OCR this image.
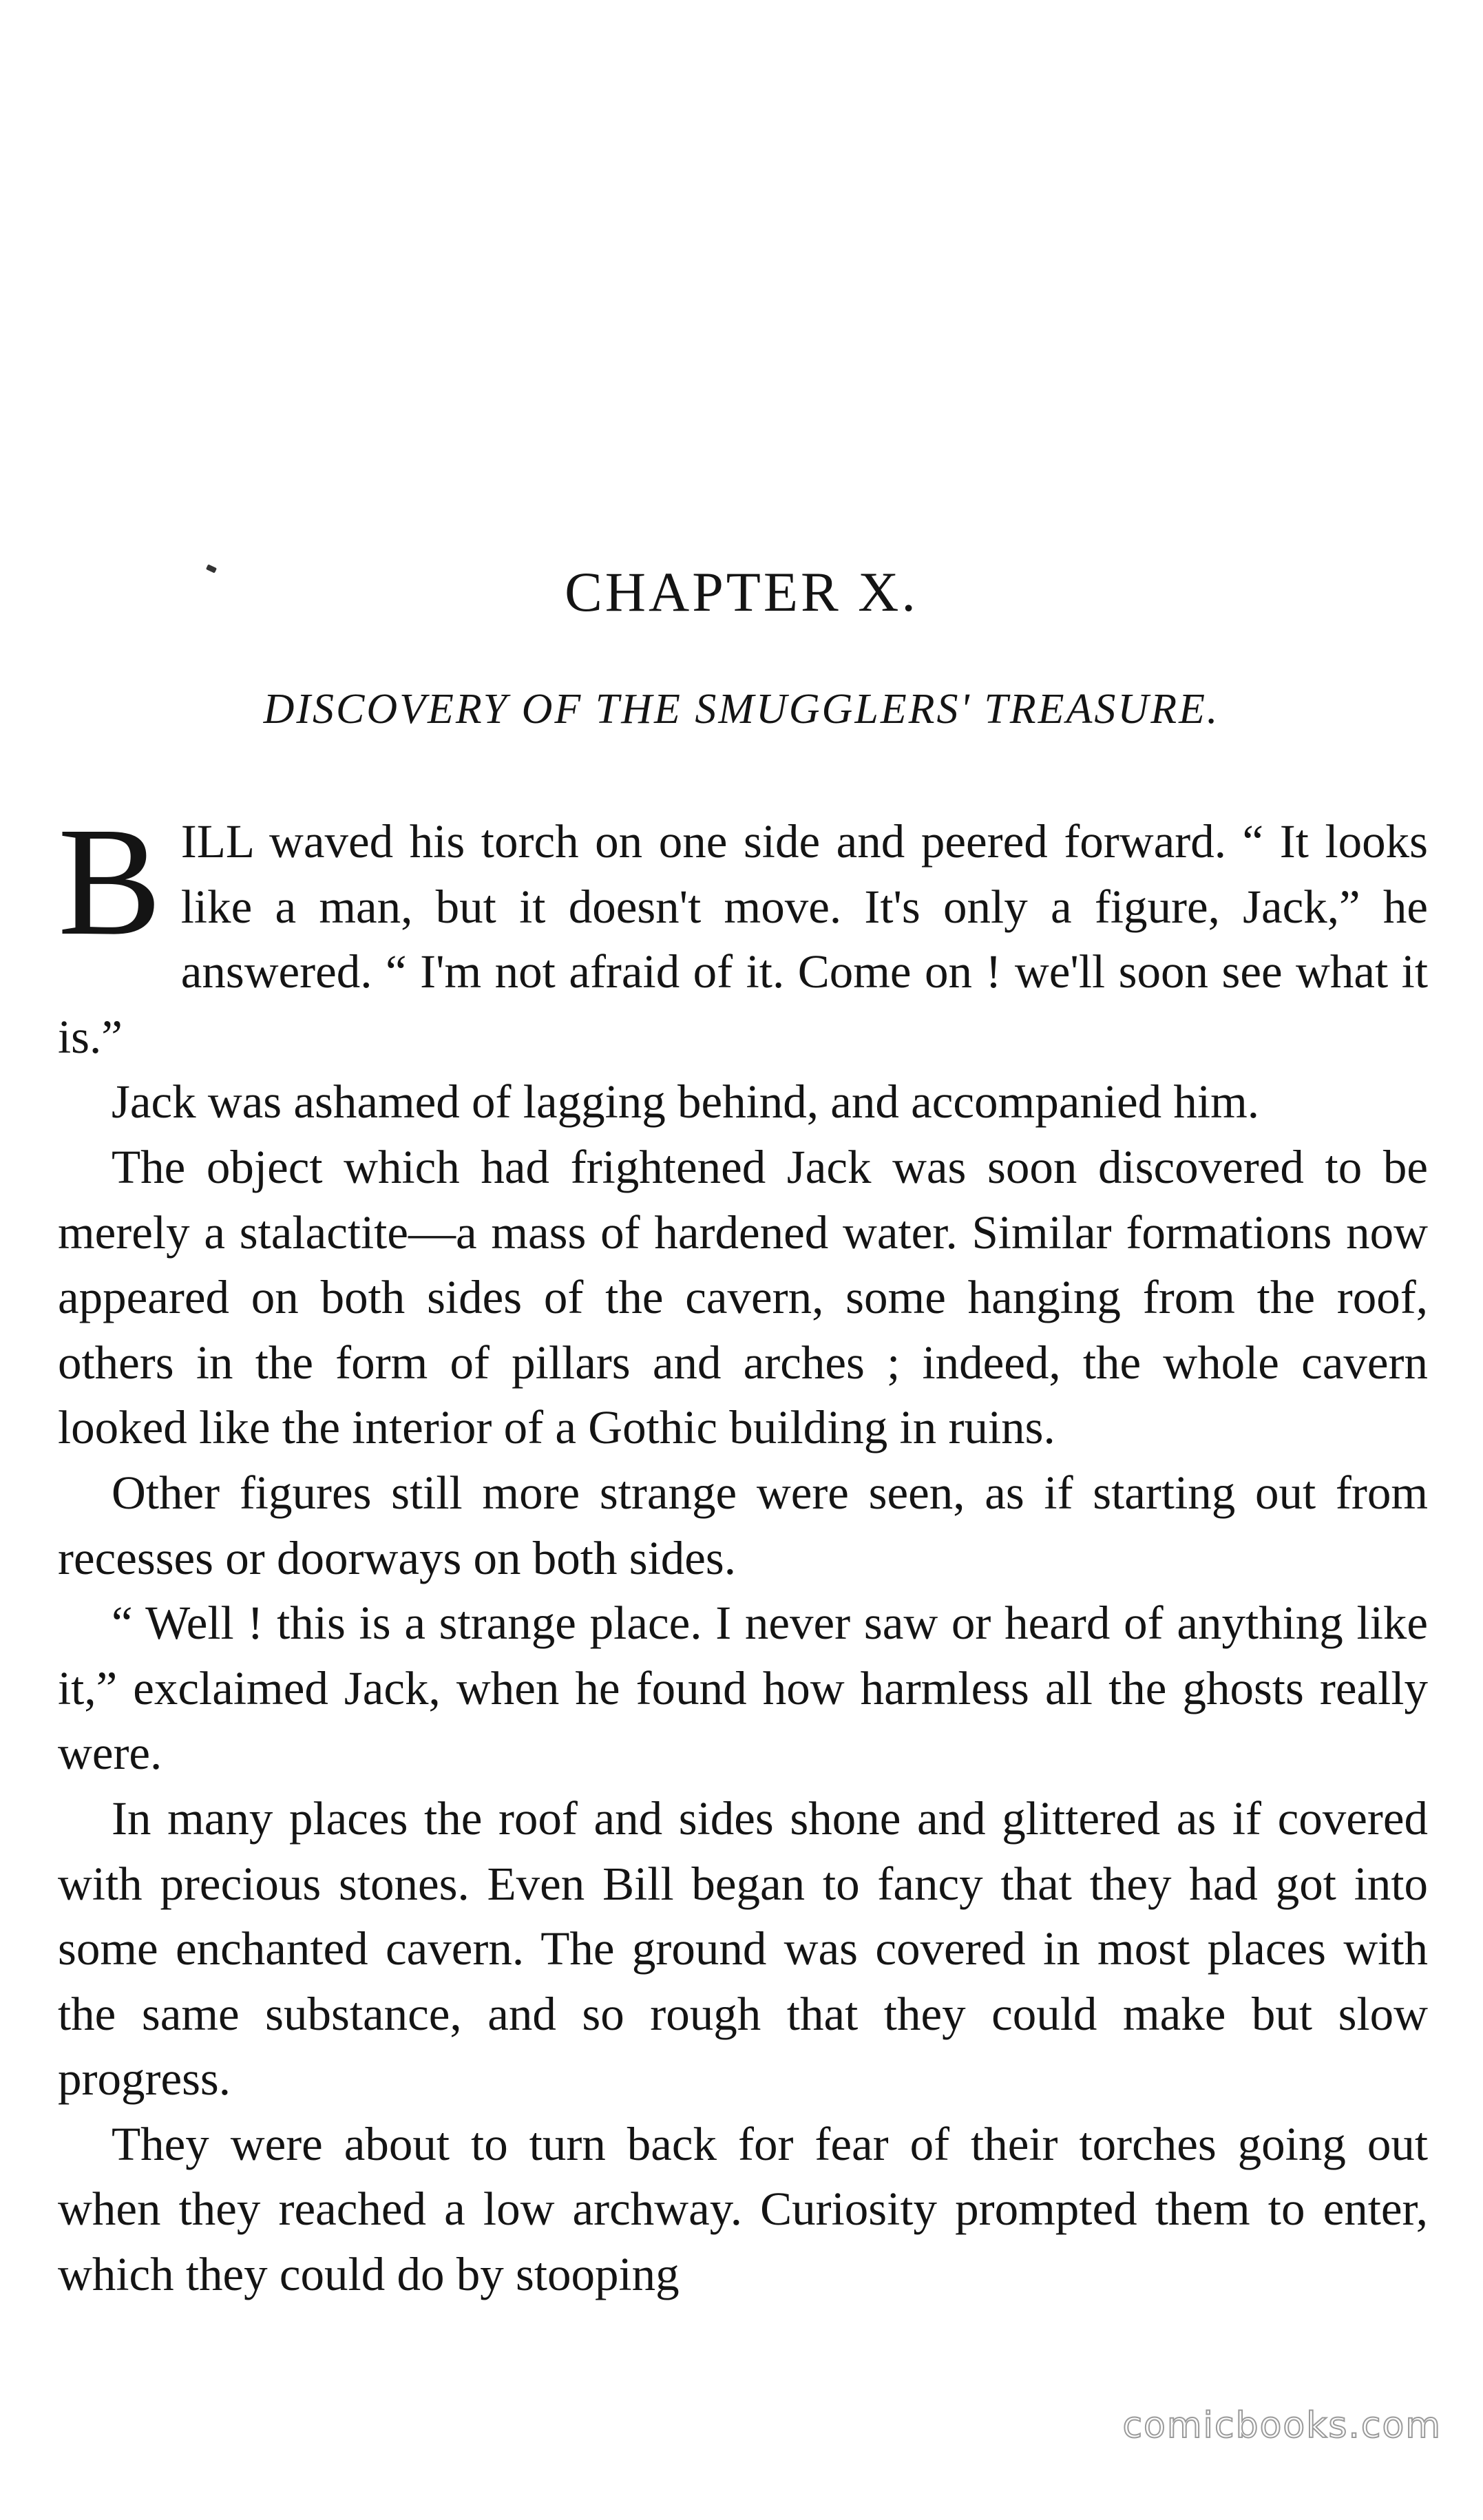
CHAPTER X.
DISCOVERY OF THE SMUGGLERS' TREASURE.

BILL waved his torch on one side and peered forward. “ It looks like a man, but it doesn't move. It's only a figure, Jack,” he answered. “ I'm not afraid of it. Come on ! we'll soon see what it is.”

Jack was ashamed of lagging behind, and accompanied him.

The object which had frightened Jack was soon discovered to be merely a stalactite—a mass of hardened water. Similar formations now appeared on both sides of the cavern, some hanging from the roof, others in the form of pillars and arches ; indeed, the whole cavern looked like the interior of a Gothic building in ruins.

Other figures still more strange were seen, as if starting out from recesses or doorways on both sides.

“ Well ! this is a strange place. I never saw or heard of anything like it,” exclaimed Jack, when he found how harmless all the ghosts really were.

In many places the roof and sides shone and glittered as if covered with precious stones. Even Bill began to fancy that they had got into some enchanted cavern. The ground was covered in most places with the same substance, and so rough that they could make but slow progress.

They were about to turn back for fear of their torches going out when they reached a low archway. Curiosity prompted them to enter, which they could do by stooping

comicbooks.com
